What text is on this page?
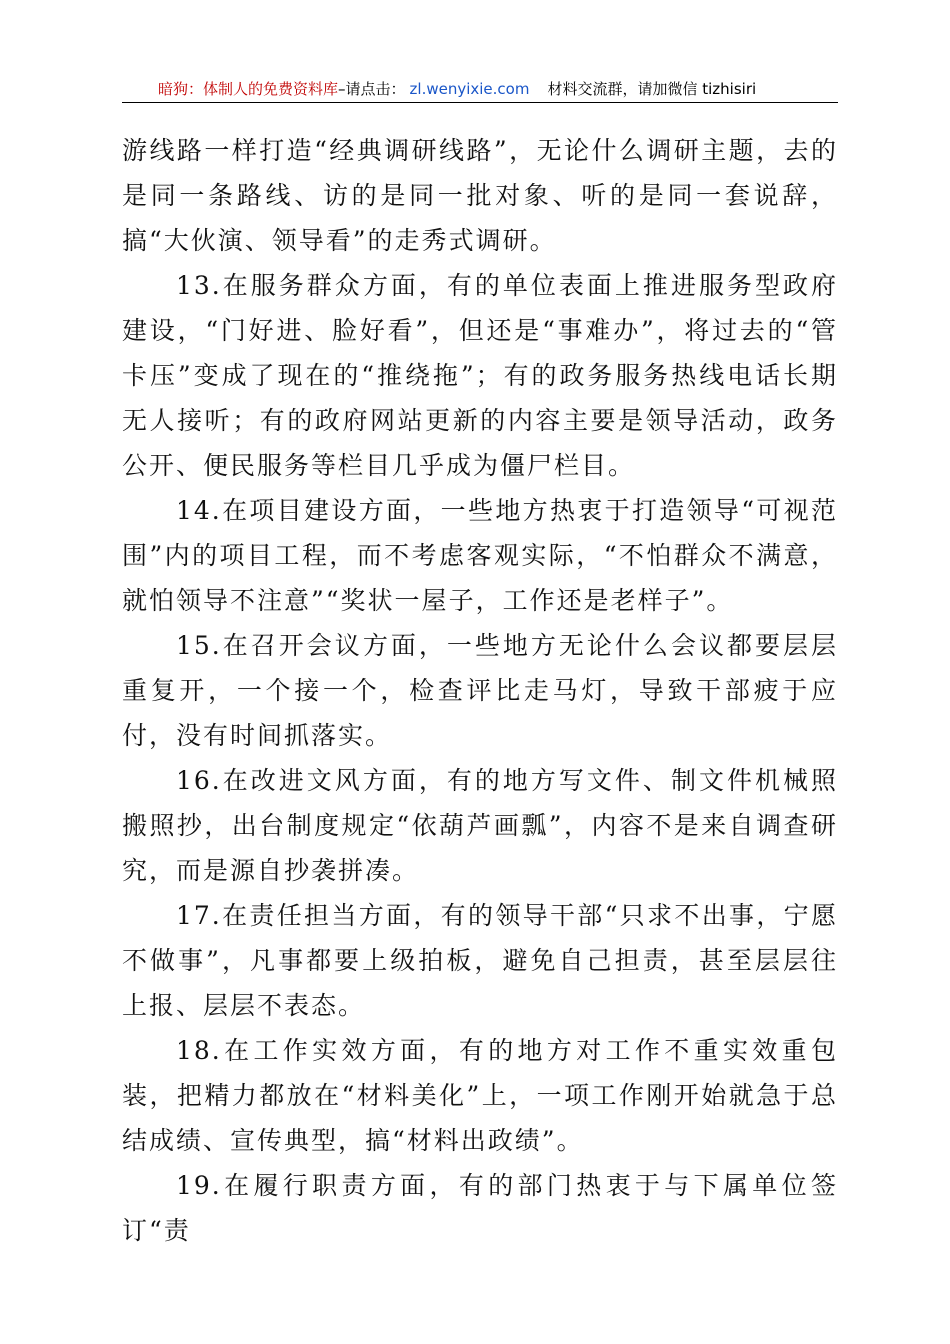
暗狗：体制人的免费资料库–请点击： zl.wenyixie.com 材料交流群，请加微信 tizhisiri

游线路一样打造“经典调研线路”，无论什么调研主题，去的是同一条路线、访的是同一批对象、听的是同一套说辞，搞“大伙演、领导看”的走秀式调研。

13.在服务群众方面，有的单位表面上推进服务型政府建设，“门好进、脸好看”，但还是“事难办”，将过去的“管卡压”变成了现在的“推绕拖”；有的政务服务热线电话长期无人接听；有的政府网站更新的内容主要是领导活动，政务公开、便民服务等栏目几乎成为僵尸栏目。

14.在项目建设方面，一些地方热衷于打造领导“可视范围”内的项目工程，而不考虑客观实际，“不怕群众不满意，就怕领导不注意”“奖状一屋子，工作还是老样子”。

15.在召开会议方面，一些地方无论什么会议都要层层重复开，一个接一个，检查评比走马灯，导致干部疲于应付，没有时间抓落实。

16.在改进文风方面，有的地方写文件、制文件机械照搬照抄，出台制度规定“依葫芦画瓢”，内容不是来自调查研究，而是源自抄袭拼凑。

17.在责任担当方面，有的领导干部“只求不出事，宁愿不做事”，凡事都要上级拍板，避免自己担责，甚至层层往上报、层层不表态。

18.在工作实效方面，有的地方对工作不重实效重包装，把精力都放在“材料美化”上，一项工作刚开始就急于总结成绩、宣传典型，搞“材料出政绩”。

19.在履行职责方面，有的部门热衷于与下属单位签订“责
